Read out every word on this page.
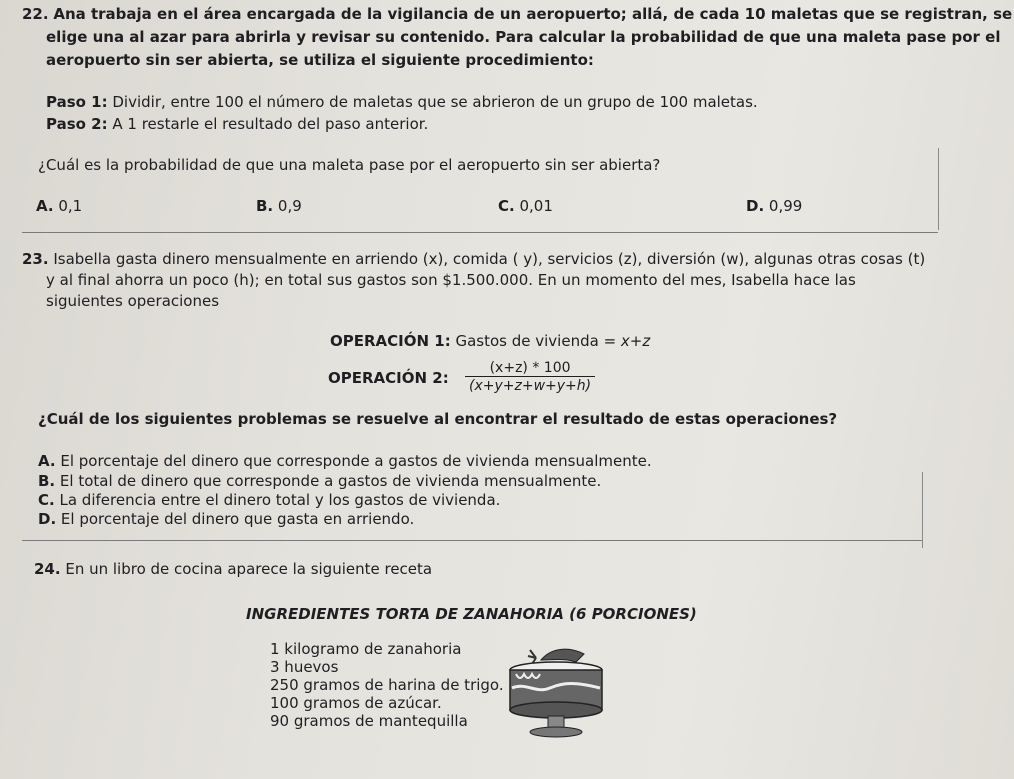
22. Ana trabaja en el área encargada de la vigilancia de un aeropuerto; allá, de cada 10 maletas que se registran, se
elige una al azar para abrirla y revisar su contenido. Para calcular la probabilidad de que una maleta pase por el
aeropuerto sin ser abierta, se utiliza el siguiente procedimiento:
Paso 1: Dividir, entre 100 el número de maletas que se abrieron de un grupo de 100 maletas.
Paso 2: A 1 restarle el resultado del paso anterior.
¿Cuál es la probabilidad de que una maleta pase por el aeropuerto sin ser abierta?
A. 0,1	B. 0,9	C. 0,01	D. 0,99
23. Isabella gasta dinero mensualmente en arriendo (x), comida ( y), servicios (z), diversión (w), algunas otras cosas (t)
y al final ahorra un poco (h); en total sus gastos son $1.500.000. En un momento del mes, Isabella hace las
siguientes operaciones
OPERACIÓN 1: Gastos de vivienda = x+z
OPERACIÓN 2: $\frac{(x+z) * 100}{(x+y+z+w+y+h)}$
¿Cuál de los siguientes problemas se resuelve al encontrar el resultado de estas operaciones?
A. El porcentaje del dinero que corresponde a gastos de vivienda mensualmente.
B. El total de dinero que corresponde a gastos de vivienda mensualmente.
C. La diferencia entre el dinero total y los gastos de vivienda.
D. El porcentaje del dinero que gasta en arriendo.
24. En un libro de cocina aparece la siguiente receta
INGREDIENTES TORTA DE ZANAHORIA (6 PORCIONES)
1 kilogramo de zanahoria
3 huevos
250 gramos de harina de trigo.
100 gramos de azúcar.
90 gramos de mantequilla
